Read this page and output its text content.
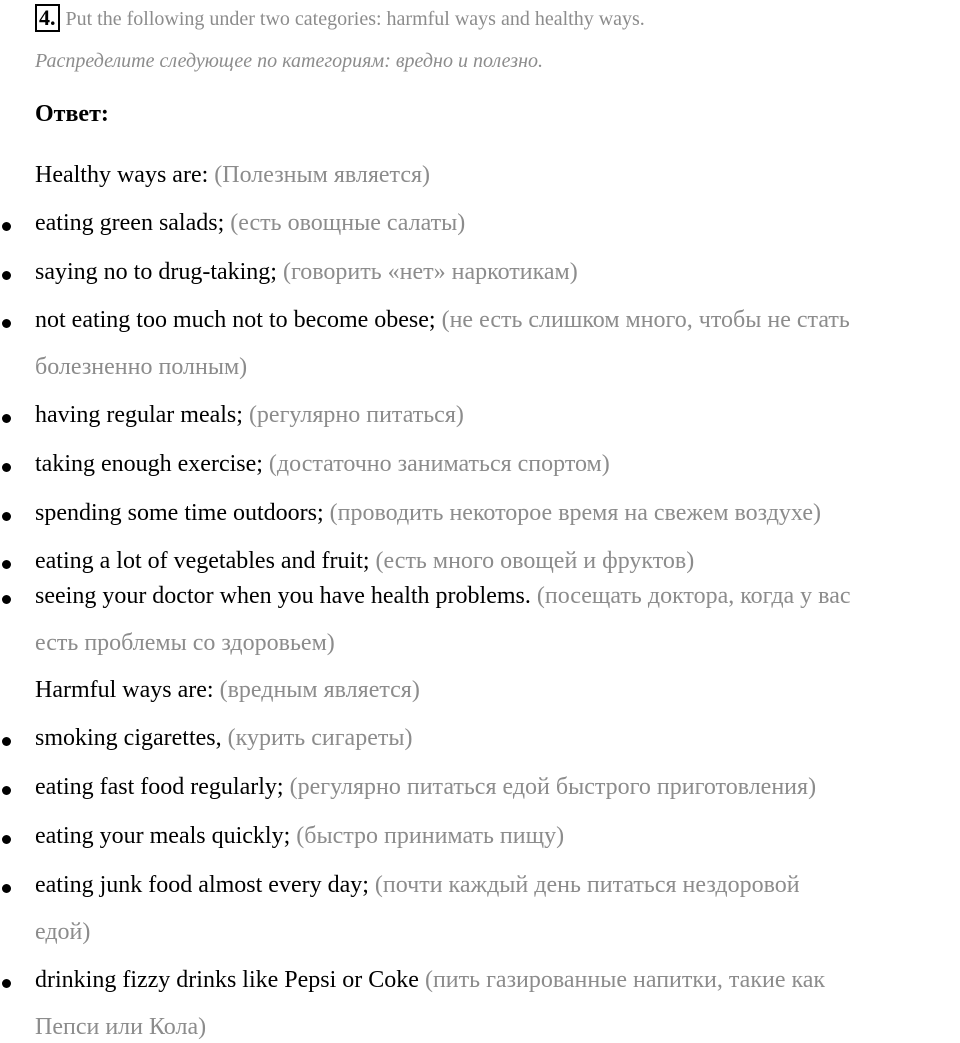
4. Put the following under two categories: harmful ways and healthy ways.
Распределите следующее по категориям: вредно и полезно.
Ответ:
Healthy ways are: (Полезным является)
eating green salads; (есть овощные салаты)
saying no to drug-taking; (говорить «нет» наркотикам)
not eating too much not to become obese; (не есть слишком много, чтобы не стать
болезненно полным)
having regular meals; (регулярно питаться)
taking enough exercise; (достаточно заниматься спортом)
spending some time outdoors; (проводить некоторое время на свежем воздухе)
eating a lot of vegetables and fruit; (есть много овощей и фруктов)
seeing your doctor when you have health problems. (посещать доктора, когда у вас
есть проблемы со здоровьем)
Harmful ways are: (вредным является)
smoking cigarettes, (курить сигареты)
eating fast food regularly; (регулярно питаться едой быстрого приготовления)
eating your meals quickly; (быстро принимать пищу)
eating junk food almost every day; (почти каждый день питаться нездоровой
едой)
drinking fizzy drinks like Pepsi or Coke (пить газированные напитки, такие как
Пепси или Кола)
